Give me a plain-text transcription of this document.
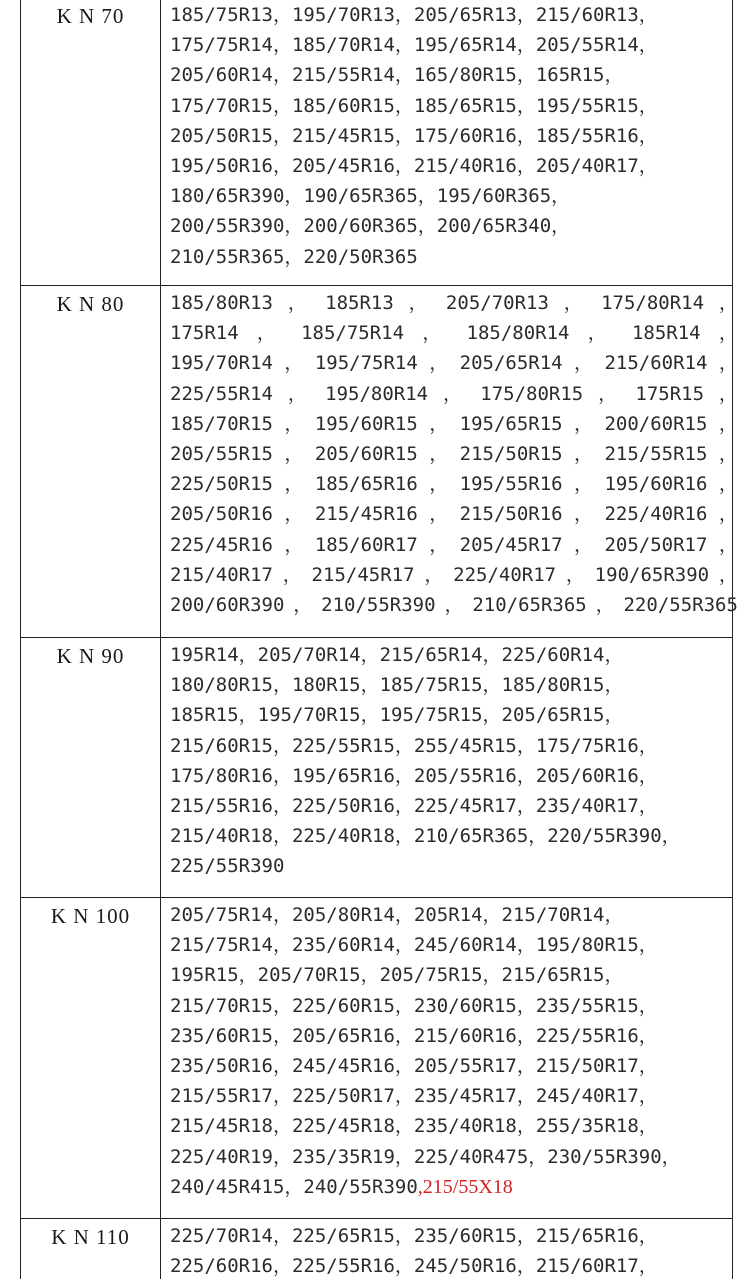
K N 70	185/75R13，195/70R13，205/65R13，215/60R13，
175/75R14，185/70R14，195/65R14，205/55R14，
205/60R14，215/55R14，165/80R15，165R15，
175/70R15，185/60R15，185/65R15，195/55R15，
205/50R15，215/45R15，175/60R16，185/55R16，
195/50R16，205/45R16，215/40R16，205/40R17，
180/65R390，190/65R365，195/60R365，
200/55R390，200/60R365，200/65R340，
210/55R365，220/50R365
K N 80	185/80R13 ， 185R13 ， 205/70R13 ， 175/80R14 ，
175R14 ， 185/75R14 ， 185/80R14 ， 185R14 ，
195/70R14，195/75R14，205/65R14，215/60R14，
225/55R14 ， 195/80R14 ， 175/80R15 ， 175R15 ，
185/70R15 ， 195/60R15 ， 195/65R15 ， 200/60R15 ，
205/55R15 ， 205/60R15 ， 215/50R15 ， 215/55R15 ，
225/50R15 ， 185/65R16 ， 195/55R16 ， 195/60R16 ，
205/50R16 ， 215/45R16 ， 215/50R16 ， 225/40R16 ，
225/45R16 ， 185/60R17 ， 205/45R17 ， 205/50R17 ，
215/40R17，215/45R17，225/40R17，190/65R390，
200/60R390，210/55R390，210/65R365，220/55R365
K N 90	195R14，205/70R14，215/65R14，225/60R14，
180/80R15，180R15，185/75R15，185/80R15，
185R15，195/70R15，195/75R15，205/65R15，
215/60R15，225/55R15，255/45R15，175/75R16，
175/80R16，195/65R16，205/55R16，205/60R16，
215/55R16，225/50R16，225/45R17，235/40R17，
215/40R18，225/40R18，210/65R365，220/55R390，
225/55R390
K N 100	205/75R14，205/80R14，205R14，215/70R14，
215/75R14，235/60R14，245/60R14，195/80R15，
195R15，205/70R15，205/75R15，215/65R15，
215/70R15，225/60R15，230/60R15，235/55R15，
235/60R15，205/65R16，215/60R16，225/55R16，
235/50R16，245/45R16，205/55R17，215/50R17，
215/55R17，225/50R17，235/45R17，245/40R17，
215/45R18，225/45R18，235/40R18，255/35R18，
225/40R19，235/35R19，225/40R475，230/55R390，
240/45R415，240/55R390,215/55X18
K N 110	225/70R14，225/65R15，235/60R15，215/65R16，
225/60R16，225/55R16，245/50R16，215/60R17，
